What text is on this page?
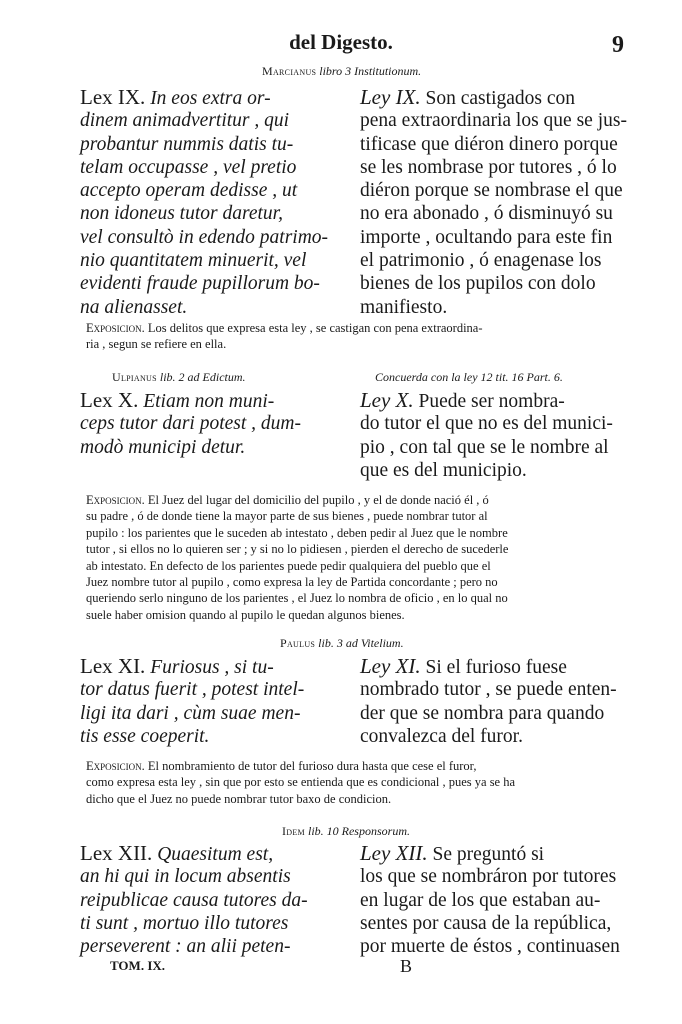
del Digesto.	9
Marcianus libro 3 Institutionum.
Lex IX. In eos extra or-
dinem animadvertitur , qui
probantur nummis datis tu-
telam occupasse , vel pretio
accepto operam dedisse , ut
non idoneus tutor daretur,
vel consultò in edendo patrimo-
nio quantitatem minuerit, vel
evidenti fraude pupillorum bo-
na alienasset.
Ley IX. Son castigados con
pena extraordinaria los que se jus-
tificase que diéron dinero porque
se les nombrase por tutores , ó lo
diéron porque se nombrase el que
no era abonado , ó disminuyó su
importe , ocultando para este fin
el patrimonio , ó enagenase los
bienes de los pupilos con dolo
manifiesto.
Exposicion. Los delitos que expresa esta ley , se castigan con pena extraordina-
ria , segun se refiere en ella.
Ulpianus lib. 2 ad Edictum.	Concuerda con la ley 12 tit. 16 Part. 6.
Lex X. Etiam non muni-
ceps tutor dari potest , dum-
modò municipi detur.
Ley X. Puede ser nombra-
do tutor el que no es del munici-
pio , con tal que se le nombre al
que es del municipio.
Exposicion. El Juez del lugar del domicilio del pupilo , y el de donde nació él , ó
su padre , ó de donde tiene la mayor parte de sus bienes , puede nombrar tutor al
pupilo : los parientes que le suceden ab intestato , deben pedir al Juez que le nombre
tutor , si ellos no lo quieren ser ; y si no lo pidiesen , pierden el derecho de sucederle
ab intestato. En defecto de los parientes puede pedir qualquiera del pueblo que el
Juez nombre tutor al pupilo , como expresa la ley de Partida concordante ; pero no
queriendo serlo ninguno de los parientes , el Juez lo nombra de oficio , en lo qual no
suele haber omision quando al pupilo le quedan algunos bienes.
Paulus lib. 3 ad Vitelium.
Lex XI. Furiosus , si tu-
tor datus fuerit , potest intel-
ligi ita dari , cùm suae men-
tis esse coeperit.
Ley XI. Si el furioso fuese
nombrado tutor , se puede enten-
der que se nombra para quando
convalezca del furor.
Exposicion. El nombramiento de tutor del furioso dura hasta que cese el furor,
como expresa esta ley , sin que por esto se entienda que es condicional , pues ya se ha
dicho que el Juez no puede nombrar tutor baxo de condicion.
Idem lib. 10 Responsorum.
Lex XII. Quaesitum est,
an hi qui in locum absentis
reipublicae causa tutores da-
ti sunt , mortuo illo tutores
perseverent : an alii peten-
Ley XII. Se preguntó si
los que se nombráron por tutores
en lugar de los que estaban au-
sentes por causa de la república,
por muerte de éstos , continuasen
TOM. IX.	B
